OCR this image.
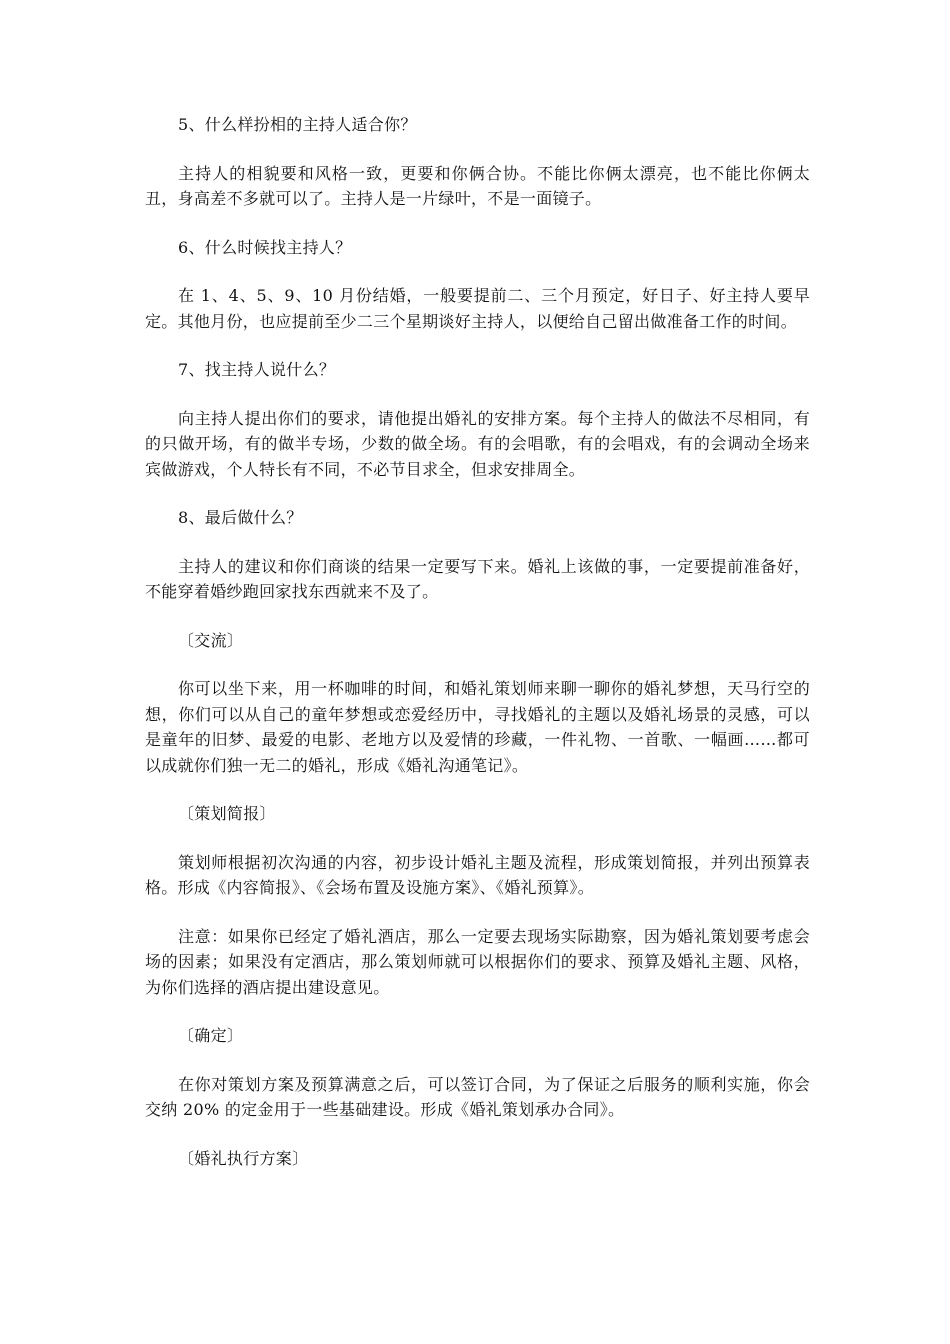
5、什么样扮相的主持人适合你？

主持人的相貌要和风格一致，更要和你俩合协。不能比你俩太漂亮，也不能比你俩太丑，身高差不多就可以了。主持人是一片绿叶，不是一面镜子。

6、什么时候找主持人？

在 1、4、5、9、10 月份结婚，一般要提前二、三个月预定，好日子、好主持人要早定。其他月份，也应提前至少二三个星期谈好主持人，以便给自己留出做准备工作的时间。

7、找主持人说什么？

向主持人提出你们的要求，请他提出婚礼的安排方案。每个主持人的做法不尽相同，有的只做开场，有的做半专场，少数的做全场。有的会唱歌，有的会唱戏，有的会调动全场来宾做游戏，个人特长有不同，不必节目求全，但求安排周全。

8、最后做什么？

主持人的建议和你们商谈的结果一定要写下来。婚礼上该做的事，一定要提前准备好，不能穿着婚纱跑回家找东西就来不及了。

〔交流〕

你可以坐下来，用一杯咖啡的时间，和婚礼策划师来聊一聊你的婚礼梦想，天马行空的想，你们可以从自己的童年梦想或恋爱经历中，寻找婚礼的主题以及婚礼场景的灵感，可以是童年的旧梦、最爱的电影、老地方以及爱情的珍藏，一件礼物、一首歌、一幅画……都可以成就你们独一无二的婚礼，形成《婚礼沟通笔记》。

〔策划简报〕

策划师根据初次沟通的内容，初步设计婚礼主题及流程，形成策划简报，并列出预算表格。形成《内容简报》、《会场布置及设施方案》、《婚礼预算》。

注意：如果你已经定了婚礼酒店，那么一定要去现场实际勘察，因为婚礼策划要考虑会场的因素；如果没有定酒店，那么策划师就可以根据你们的要求、预算及婚礼主题、风格，为你们选择的酒店提出建设意见。

〔确定〕

在你对策划方案及预算满意之后，可以签订合同，为了保证之后服务的顺利实施，你会交纳 20% 的定金用于一些基础建设。形成《婚礼策划承办合同》。

〔婚礼执行方案〕
